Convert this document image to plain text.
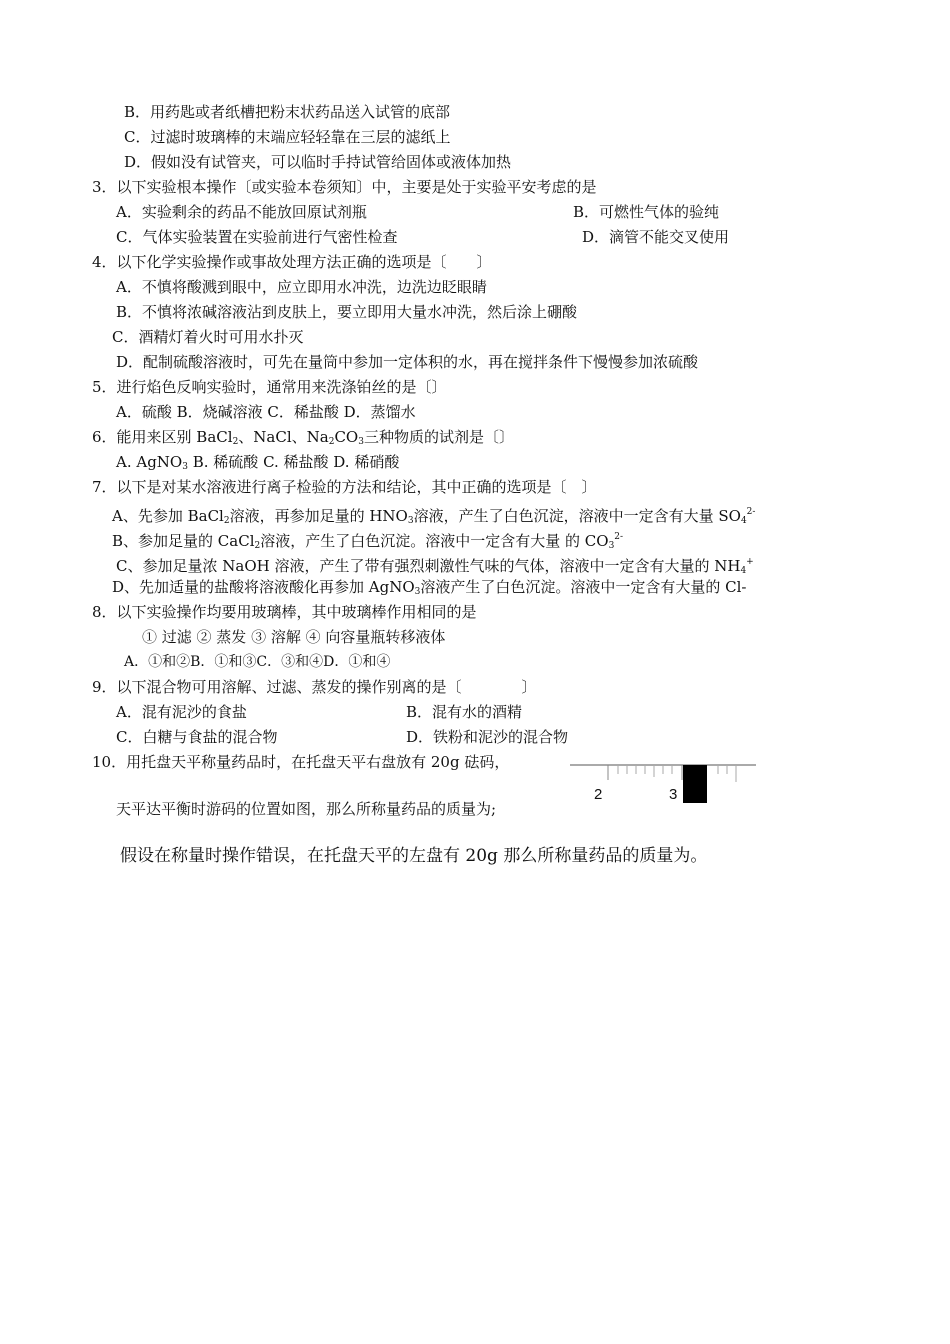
B．用药匙或者纸槽把粉末状药品送入试管的底部
C．过滤时玻璃棒的末端应轻轻靠在三层的滤纸上
D．假如没有试管夹，可以临时手持试管给固体或液体加热
3．以下实验根本操作〔或实验本卷须知〕中，主要是处于实验平安考虑的是
A．实验剩余的药品不能放回原试剂瓶	B．可燃性气体的验纯
C．气体实验装置在实验前进行气密性检查	D．滴管不能交叉使用
4．以下化学实验操作或事故处理方法正确的选项是〔　　〕
A．不慎将酸溅到眼中，应立即用水冲洗，边洗边眨眼睛
B．不慎将浓碱溶液沾到皮肤上，要立即用大量水冲洗，然后涂上硼酸
C．酒精灯着火时可用水扑灭
D．配制硫酸溶液时，可先在量筒中参加一定体积的水，再在搅拌条件下慢慢参加浓硫酸
5．进行焰色反响实验时，通常用来洗涤铂丝的是〔〕
A．硫酸 B．烧碱溶液 C．稀盐酸 D．蒸馏水
6．能用来区别 BaCl$_2$、NaCl、$Na_2CO_3$三种物质的试剂是〔〕
A. AgNO$_3$ B. 稀硫酸 C. 稀盐酸 D. 稀硝酸
7．以下是对某水溶液进行离子检验的方法和结论，其中正确的选项是〔　〕
A、先参加 BaCl$_2$溶液，再参加足量的 $HNO_3$溶液，产生了白色沉淀，溶液中一定含有大量 $SO_4^{2-}$
B、参加足量的 CaCl$_2$溶液，产生了白色沉淀。溶液中一定含有大量 的 $CO_3^{2-}$
C、参加足量浓 NaOH 溶液，产生了带有强烈刺激性气味的气体，溶液中一定含有大量的 $NH_4^+$
D、先加适量的盐酸将溶液酸化再参加 AgNO$_3$溶液产生了白色沉淀。溶液中一定含有大量的 Cl-
8．以下实验操作均要用玻璃棒，其中玻璃棒作用相同的是
① 过滤 ② 蒸发 ③ 溶解 ④ 向容量瓶转移液体
A．①和②B．①和③C．③和④D．①和④
9．以下混合物可用溶解、过滤、蒸发的操作别离的是〔　　　　〕
A．混有泥沙的食盐	B．混有水的酒精
C．白糖与食盐的混合物	D．铁粉和泥沙的混合物
10．用托盘天平称量药品时，在托盘天平右盘放有 20g 砝码，
2	3
天平达平衡时游码的位置如图，那么所称量药品的质量为;
假设在称量时操作错误，在托盘天平的左盘有 20g 那么所称量药品的质量为。
